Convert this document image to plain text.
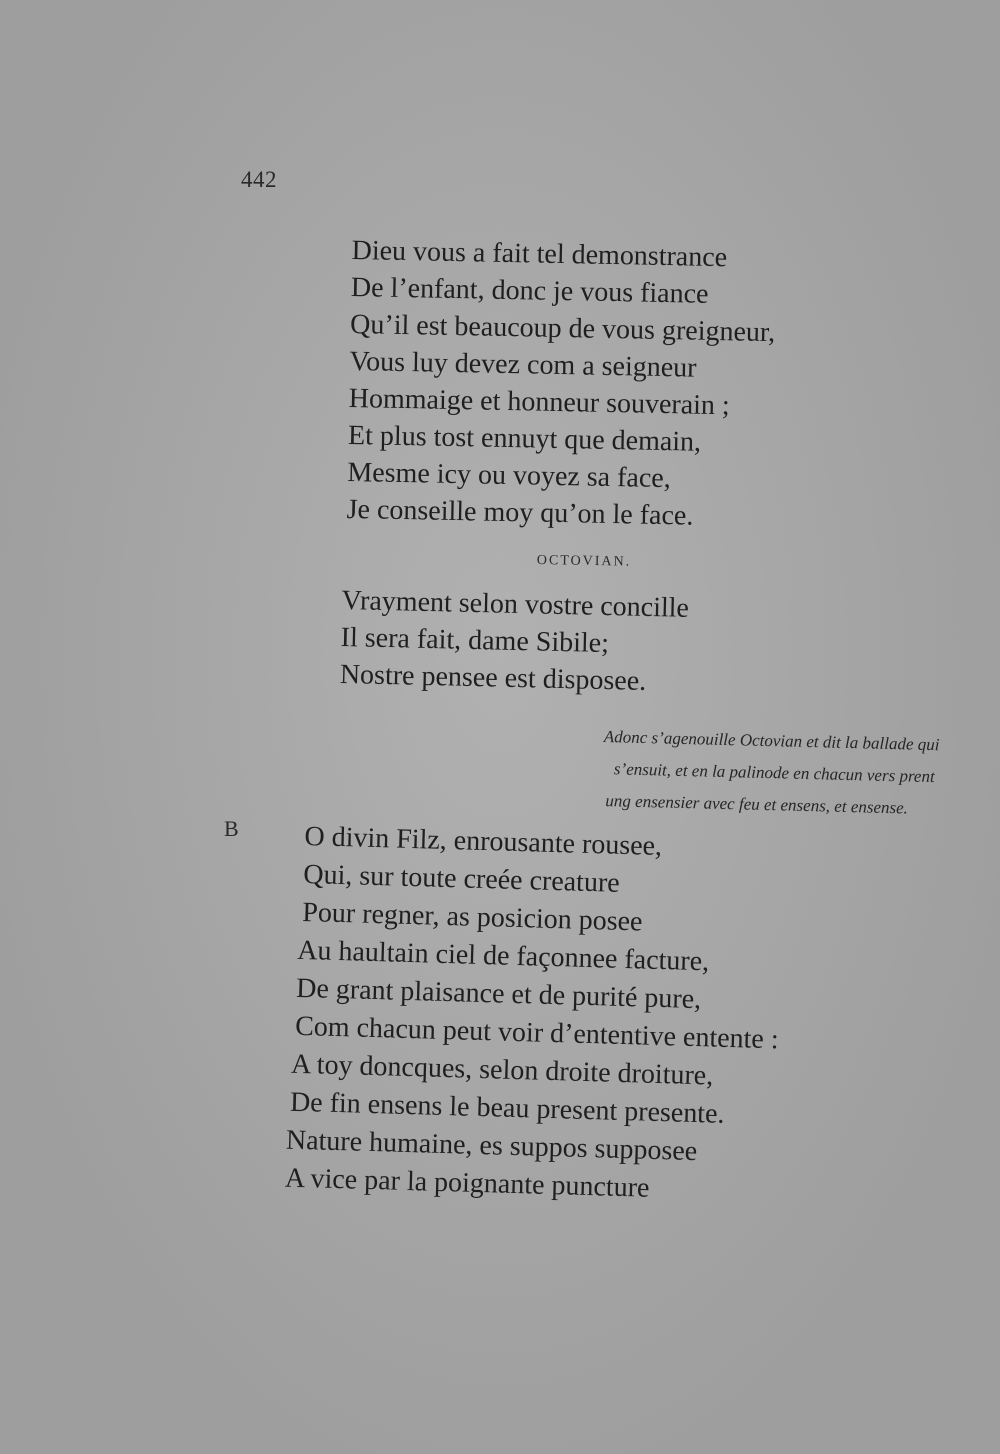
442
Dieu vous a fait tel demonstrance
De l’enfant, donc je vous fiance
Qu’il est beaucoup de vous greigneur,
Vous luy devez com a seigneur
Hommaige et honneur souverain ;
Et plus tost ennuyt que demain,
Mesme icy ou voyez sa face,
Je conseille moy qu’on le face.
OCTOVIAN.
Vrayment selon vostre concille
Il sera fait, dame Sibile;
Nostre pensee est disposee.
Adonc s’agenouille Octovian et dit la ballade qui
s’ensuit, et en la palinode en chacun vers prent
ung ensensier avec feu et ensens, et ensense.
B O divin Filz, enrousante rousee,
Qui, sur toute creée creature
Pour regner, as posicion posee
Au haultain ciel de façonnee facture,
De grant plaisance et de purité pure,
Com chacun peut voir d’ententive entente :
A toy doncques, selon droite droiture,
De fin ensens le beau present presente.
Nature humaine, es suppos supposee
A vice par la poignante puncture
